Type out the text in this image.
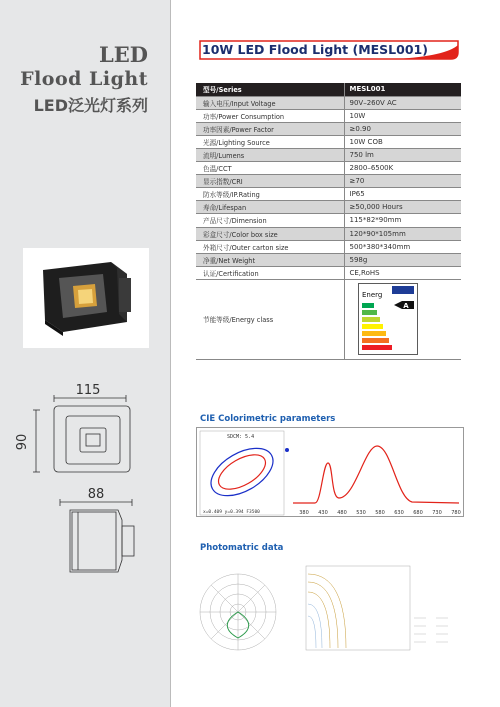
LED
Flood Light
LED泛光灯系列
115
90
88
10W LED Flood Light (MESL001)
型号/Series	MESL001
输入电压/Input Voltage	90V–260V AC
功率/Power Consumption	10W
功率因素/Power Factor	≥0.90
光源/Lighting Source	10W COB
流明/Lumens	750 lm
色温/CCT	2800–6500K
显示指数/CRI	≥70
防水等级/IP.Rating	IP65
寿命/Lifespan	≥50,000 Hours
产品尺寸/Dimension	115*82*90mm
彩盒尺寸/Color box size	120*90*105mm
外箱尺寸/Outer carton size	500*380*340mm
净重/Net Weight	598g
认证/Certification	CE,RoHS
节能等级/Energy class	Energ
A
CIE Colorimetric parameters
SDCM: 5.4
x=0.409 y=0.394 F3500	380 430 480 530 580 630 680 730 780
Photomatric data
